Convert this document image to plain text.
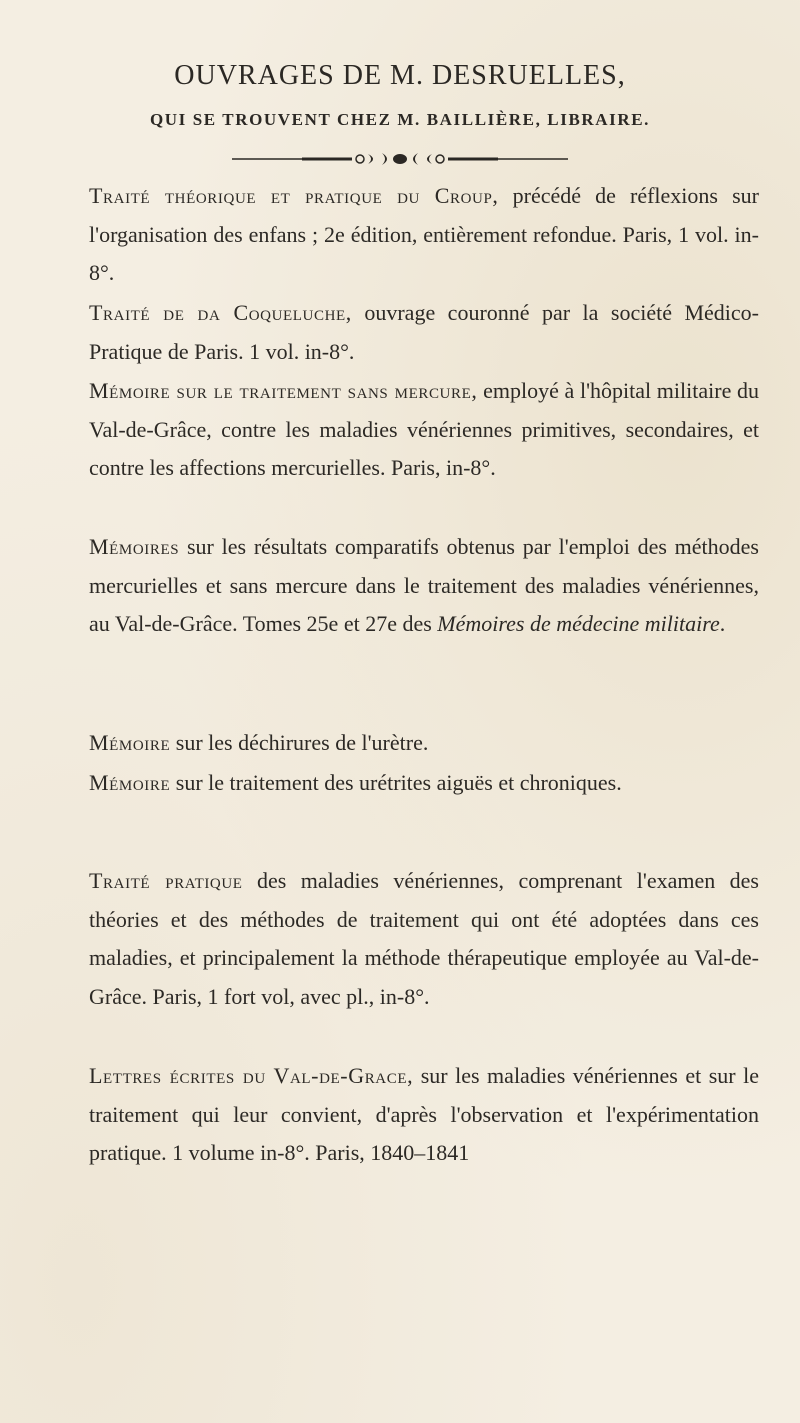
OUVRAGES DE M. DESRUELLES,
QUI SE TROUVENT CHEZ M. BAILLIÈRE, LIBRAIRE.
Traité théorique et pratique du Croup, précédé de réflexions sur l'organisation des enfans ; 2e édition, entièrement refondue. Paris, 1 vol. in-8°.
Traité de da Coqueluche, ouvrage couronné par la société Médico-Pratique de Paris. 1 vol. in-8°.
Mémoire sur le traitement sans mercure, employé à l'hôpital militaire du Val-de-Grâce, contre les maladies vénériennes primitives, secondaires, et contre les affections mercurielles. Paris, in-8°.
Mémoires sur les résultats comparatifs obtenus par l'emploi des méthodes mercurielles et sans mercure dans le traitement des maladies vénériennes, au Val-de-Grâce. Tomes 25e et 27e des Mémoires de médecine militaire.
Mémoire sur les déchirures de l'urètre.
Mémoire sur le traitement des urétrites aiguës et chroniques.
Traité pratique des maladies vénériennes, comprenant l'examen des théories et des méthodes de traitement qui ont été adoptées dans ces maladies, et principalement la méthode thérapeutique employée au Val-de-Grâce. Paris, 1 fort vol, avec pl., in-8°.
Lettres écrites du Val-de-Grace, sur les maladies vénériennes et sur le traitement qui leur convient, d'après l'observation et l'expérimentation pratique. 1 volume in-8°. Paris, 1840–1841
